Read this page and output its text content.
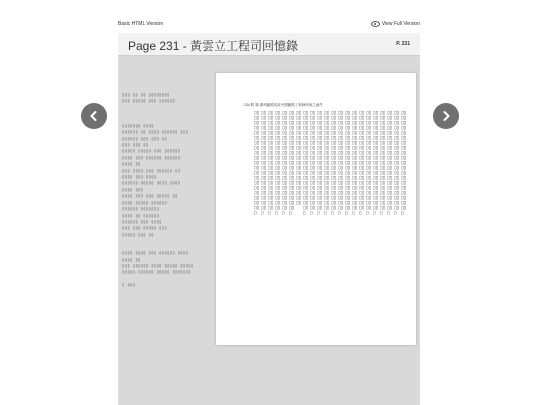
Basic HTML Version	View Full Version
Page 231 - 黃雲立工程司回憶錄	P. 231
▯▯▯ ▯▯ ▯▯ ▯▯▯▯▯▯▯▯
▯▯▯ ▯▯▯▯▯ ▯▯▯ ▯▯▯▯▯▯
▯▯▯▯▯▯▯ ▯▯▯▯
▯▯▯▯▯▯ ▯▯ ▯▯▯▯ ▯▯▯▯▯▯ ▯▯▯
▯▯▯▯▯▯ ▯▯▯ ▯▯▯ ▯▯
▯▯▯ ▯▯▯ ▯▯
▯▯▯▯▯ ▯▯▯▯▯ ▯▯▯ ▯▯▯▯▯▯
▯▯▯▯ ▯▯▯ ▯▯▯▯▯▯ ▯▯▯▯▯▯
▯▯▯▯ ▯▯
▯▯▯ ▯▯▯▯ ▯▯▯ ▯▯▯▯▯▯ ▯▯
▯▯▯▯ ▯▯▯ ▯▯▯▯
▯▯▯▯▯▯ ▯▯▯▯▯ ▯▯▯▯ ▯▯▯▯
▯▯▯▯ ▯▯▯
▯▯▯▯ ▯▯▯ ▯▯▯ ▯▯▯▯▯ ▯▯
▯▯▯▯ ▯▯▯▯▯ ▯▯▯▯▯▯
▯▯▯▯▯▯ ▯▯▯▯▯▯▯
▯▯▯▯ ▯▯ ▯▯▯▯▯▯
▯▯▯▯▯▯ ▯▯▯ ▯▯▯▯
▯▯▯ ▯▯▯ ▯▯▯▯▯ ▯▯▯
▯▯▯▯▯ ▯▯▯ ▯▯
▯▯▯▯ ▯▯▯▯ ▯▯▯ ▯▯▯▯▯▯ ▯▯▯▯
▯▯▯▯ ▯▯
▯▯▯ ▯▯▯▯▯▯ ▯▯▯▯ ▯▯▯▯▯ ▯▯▯▯▯
▯▯▯▯▯ ▯▯▯▯▯▯ ▯▯▯▯▯ ▯▯▯▯▯▯▯
▯ ▯▯▯
234 附 錄 廣州鐵路局致中國鐵路工程師學會之函件
▯▯▯▯▯▯▯▯▯▯▯▯▯▯▯▯▯▯▯▯▯▯▯▯▯▯▯▯▯▯▯▯▯▯▯▯▯▯▯▯▯
▯▯▯▯▯▯▯▯▯▯▯▯▯▯▯▯▯▯▯▯▯▯▯▯▯▯▯▯▯▯▯▯▯▯▯▯▯▯▯▯▯
▯▯▯▯▯▯▯▯▯▯▯▯▯▯▯▯▯▯▯▯▯▯▯▯▯▯▯▯▯▯▯▯▯▯▯▯▯▯▯▯▯
▯▯▯▯▯▯▯▯▯▯▯▯▯▯▯▯▯▯▯▯▯▯▯▯▯▯▯▯▯▯▯▯▯▯▯▯▯▯▯▯▯
▯▯▯▯▯▯▯▯▯▯▯▯▯▯▯▯▯▯▯▯▯▯▯▯▯▯▯▯▯▯▯▯▯▯▯▯▯▯▯▯▯
▯▯▯▯▯▯▯▯▯▯▯▯▯▯▯▯▯▯▯▯▯▯▯▯▯▯▯▯▯▯▯▯▯▯▯▯▯▯▯▯▯
▯▯▯▯▯▯▯▯▯▯▯▯▯▯▯▯▯▯▯▯▯▯▯▯▯▯▯▯▯▯▯▯▯▯▯▯▯▯▯▯▯
▯▯▯▯▯▯▯▯▯▯▯▯▯▯▯▯▯▯▯▯▯▯▯▯▯▯▯▯▯▯▯▯▯▯▯▯▯▯▯▯▯
▯▯▯▯▯▯▯▯▯▯▯▯▯▯▯▯▯▯▯▯▯▯▯▯▯▯▯▯▯▯▯▯▯▯▯▯▯▯▯▯▯
▯▯▯▯▯▯▯▯▯▯▯▯▯▯▯▯▯▯▯▯▯▯▯▯▯▯▯▯▯▯▯▯▯▯▯▯▯▯▯▯▯
▯▯▯▯▯▯▯▯▯▯▯▯▯▯▯▯▯▯▯▯▯▯▯▯▯▯▯▯▯▯▯▯▯▯▯▯▯▯▯▯▯
▯▯▯▯▯▯▯▯▯▯▯▯▯▯▯▯▯▯▯▯▯▯▯▯▯▯▯▯▯▯▯▯▯▯▯▯▯▯▯▯▯
▯▯▯▯▯▯▯▯▯▯▯▯▯▯▯▯▯▯▯▯▯▯▯▯▯▯▯▯▯▯▯▯▯▯▯▯▯▯▯▯▯
▯▯▯▯▯▯▯▯▯▯▯▯▯▯▯▯▯▯▯▯▯▯▯▯▯▯▯▯▯▯▯▯▯▯▯▯▯▯▯▯▯
▯▯▯▯▯▯▯▯▯▯▯▯▯▯▯▯▯▯▯▯▯▯▯▯▯▯▯▯▯▯▯▯▯▯▯▯▯▯▯▯▯
▯▯▯▯▯▯▯▯▯▯▯▯▯▯▯▯▯▯▯▯▯▯▯▯▯▯▯▯▯▯▯▯▯▯▯▯▯▯
▯▯▯▯▯▯▯▯▯▯▯▯▯▯▯▯▯▯▯▯▯▯▯▯▯▯▯▯▯▯▯▯▯▯▯▯▯▯▯▯▯
▯▯▯▯▯▯▯▯▯▯▯▯▯▯▯▯▯▯▯▯▯▯▯▯▯▯▯▯▯▯▯▯▯▯▯▯▯▯▯▯▯
▯▯▯▯▯▯▯▯▯▯▯▯▯▯▯▯▯▯▯▯▯▯▯▯▯▯▯▯▯▯▯▯▯▯▯▯▯▯▯▯▯
▯▯▯▯▯▯▯▯▯▯▯▯▯▯▯▯▯▯▯▯▯▯▯▯▯▯▯▯▯▯▯▯▯▯▯▯▯▯▯▯▯
▯▯▯▯▯▯▯▯▯▯▯▯▯▯▯▯▯▯▯▯▯▯▯▯▯▯▯▯▯▯▯▯▯▯▯▯▯▯▯▯▯
▯▯▯▯▯▯▯▯▯▯▯▯▯▯▯▯▯▯▯▯▯▯▯▯▯▯▯▯▯▯▯▯▯▯▯▯▯▯▯▯▯
